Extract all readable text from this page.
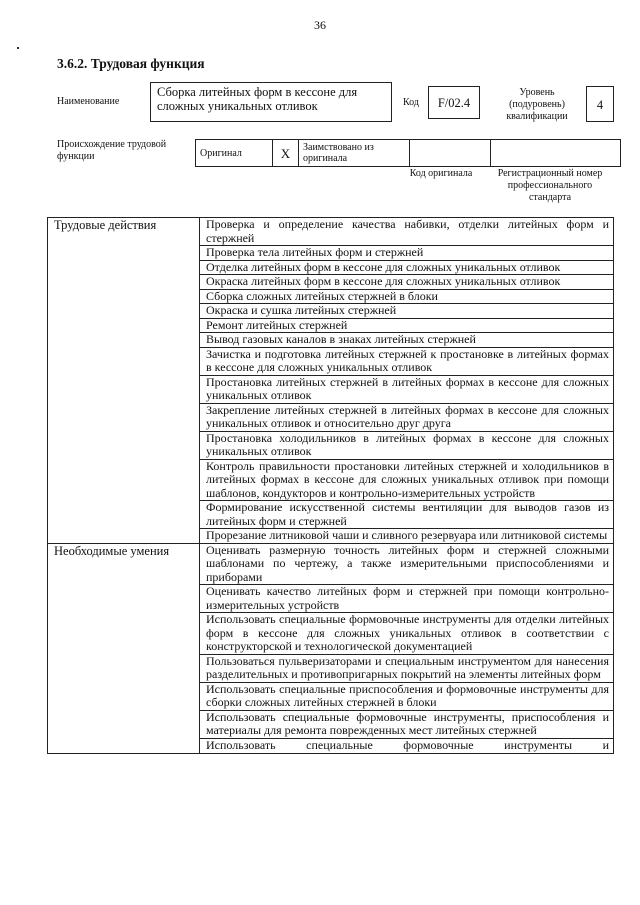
36
3.6.2. Трудовая функция
Наименование
Сборка литейных форм в кессоне для сложных уникальных отливок	Код	F/02.4
Уровень (подуровень) квалификации
4
Происхождение трудовой функции	Оригинал	X	Заимствовано из оригинала		
Код оригинала	Регистрационный номер профессионального стандарта
Трудовые действия	Проверка и определение качества набивки, отделки литейных форм и стержней
	Проверка тела литейных форм и стержней
	Отделка литейных форм в кессоне для сложных уникальных отливок
	Окраска литейных форм в кессоне для сложных уникальных отливок
	Сборка сложных литейных стержней в блоки
	Окраска и сушка литейных стержней
	Ремонт литейных стержней
	Вывод газовых каналов в знаках литейных стержней
	Зачистка и подготовка литейных стержней к простановке в литейных формах в кессоне для сложных уникальных отливок
	Простановка литейных стержней в литейных формах в кессоне для сложных уникальных отливок
	Закрепление литейных стержней в литейных формах в кессоне для сложных уникальных отливок и относительно друг друга
	Простановка холодильников в литейных формах в кессоне для сложных уникальных отливок
	Контроль правильности простановки литейных стержней и холодильников в литейных формах в кессоне для сложных уникальных отливок при помощи шаблонов, кондукторов и контрольно-измерительных устройств
	Формирование искусственной системы вентиляции для выводов газов из литейных форм и стержней
	Прорезание литниковой чаши и сливного резервуара или литниковой системы
Необходимые умения	Оценивать размерную точность литейных форм и стержней сложными шаблонами по чертежу, а также измерительными приспособлениями и приборами
	Оценивать качество литейных форм и стержней при помощи контрольно-измерительных устройств
	Использовать специальные формовочные инструменты для отделки литейных форм в кессоне для сложных уникальных отливок в соответствии с конструкторской и технологической документацией
	Пользоваться пульверизаторами и специальным инструментом для нанесения разделительных и противопригарных покрытий на элементы литейных форм
	Использовать специальные приспособления и формовочные инструменты для сборки сложных литейных стержней в блоки
	Использовать специальные формовочные инструменты, приспособления и материалы для ремонта поврежденных мест литейных стержней

	Использовать специальные формовочные инструменты и
